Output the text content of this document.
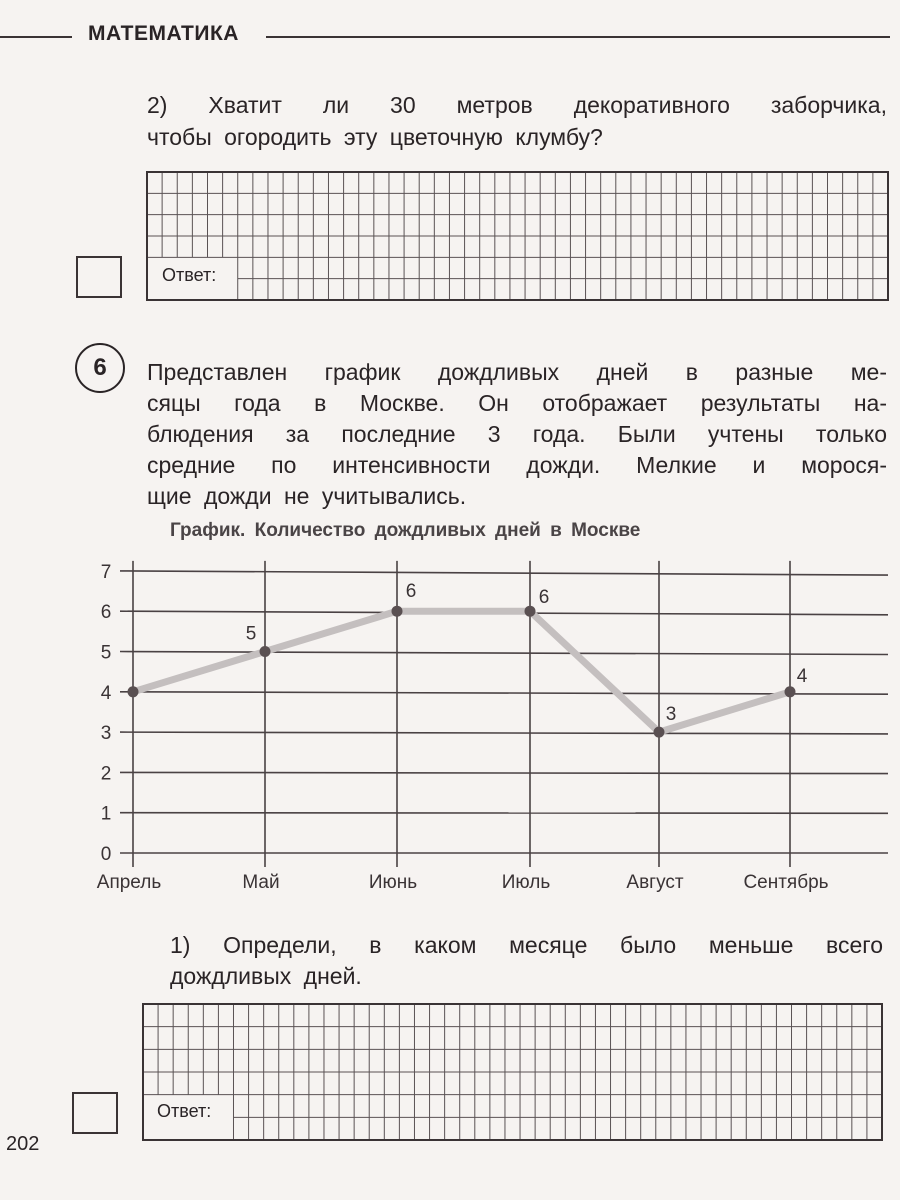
МАТЕМАТИКА
2) Хватит ли 30 метров декоративного заборчика,
чтобы огородить эту цветочную клумбу?
Ответ:
6	Представлен график дождливых дней в разные ме-
сяцы года в Москве. Он отображает результаты на-
блюдения за последние 3 года. Были учтены только
средние по интенсивности дожди. Мелкие и морося-
щие дожди не учитывались.
График. Количество дождливых дней в Москве
0
1
2
3
4
5
6
7
Апрель	Май	Июнь	Июль	Август	Сентябрь
5
6	6
3
4
1) Определи, в каком месяце было меньше всего
дождливых дней.
Ответ:
202
